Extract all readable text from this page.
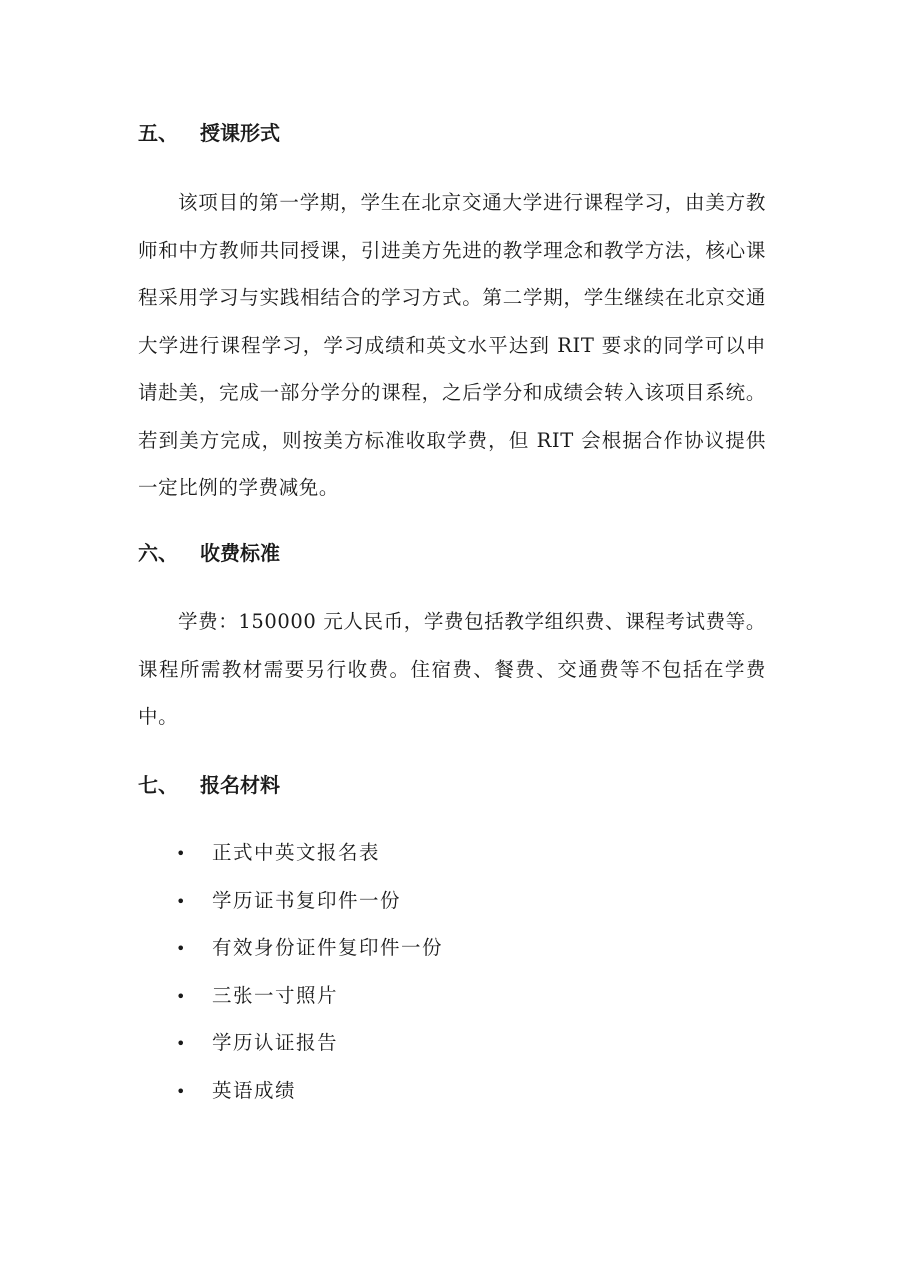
五、 授课形式
该项目的第一学期，学生在北京交通大学进行课程学习，由美方教师和中方教师共同授课，引进美方先进的教学理念和教学方法，核心课程采用学习与实践相结合的学习方式。第二学期，学生继续在北京交通大学进行课程学习，学习成绩和英文水平达到 RIT 要求的同学可以申请赴美，完成一部分学分的课程，之后学分和成绩会转入该项目系统。若到美方完成，则按美方标准收取学费，但 RIT 会根据合作协议提供一定比例的学费减免。
六、 收费标准
学费：150000 元人民币，学费包括教学组织费、课程考试费等。课程所需教材需要另行收费。住宿费、餐费、交通费等不包括在学费中。
七、 报名材料
• 正式中英文报名表
• 学历证书复印件一份
• 有效身份证件复印件一份
• 三张一寸照片
• 学历认证报告
• 英语成绩
